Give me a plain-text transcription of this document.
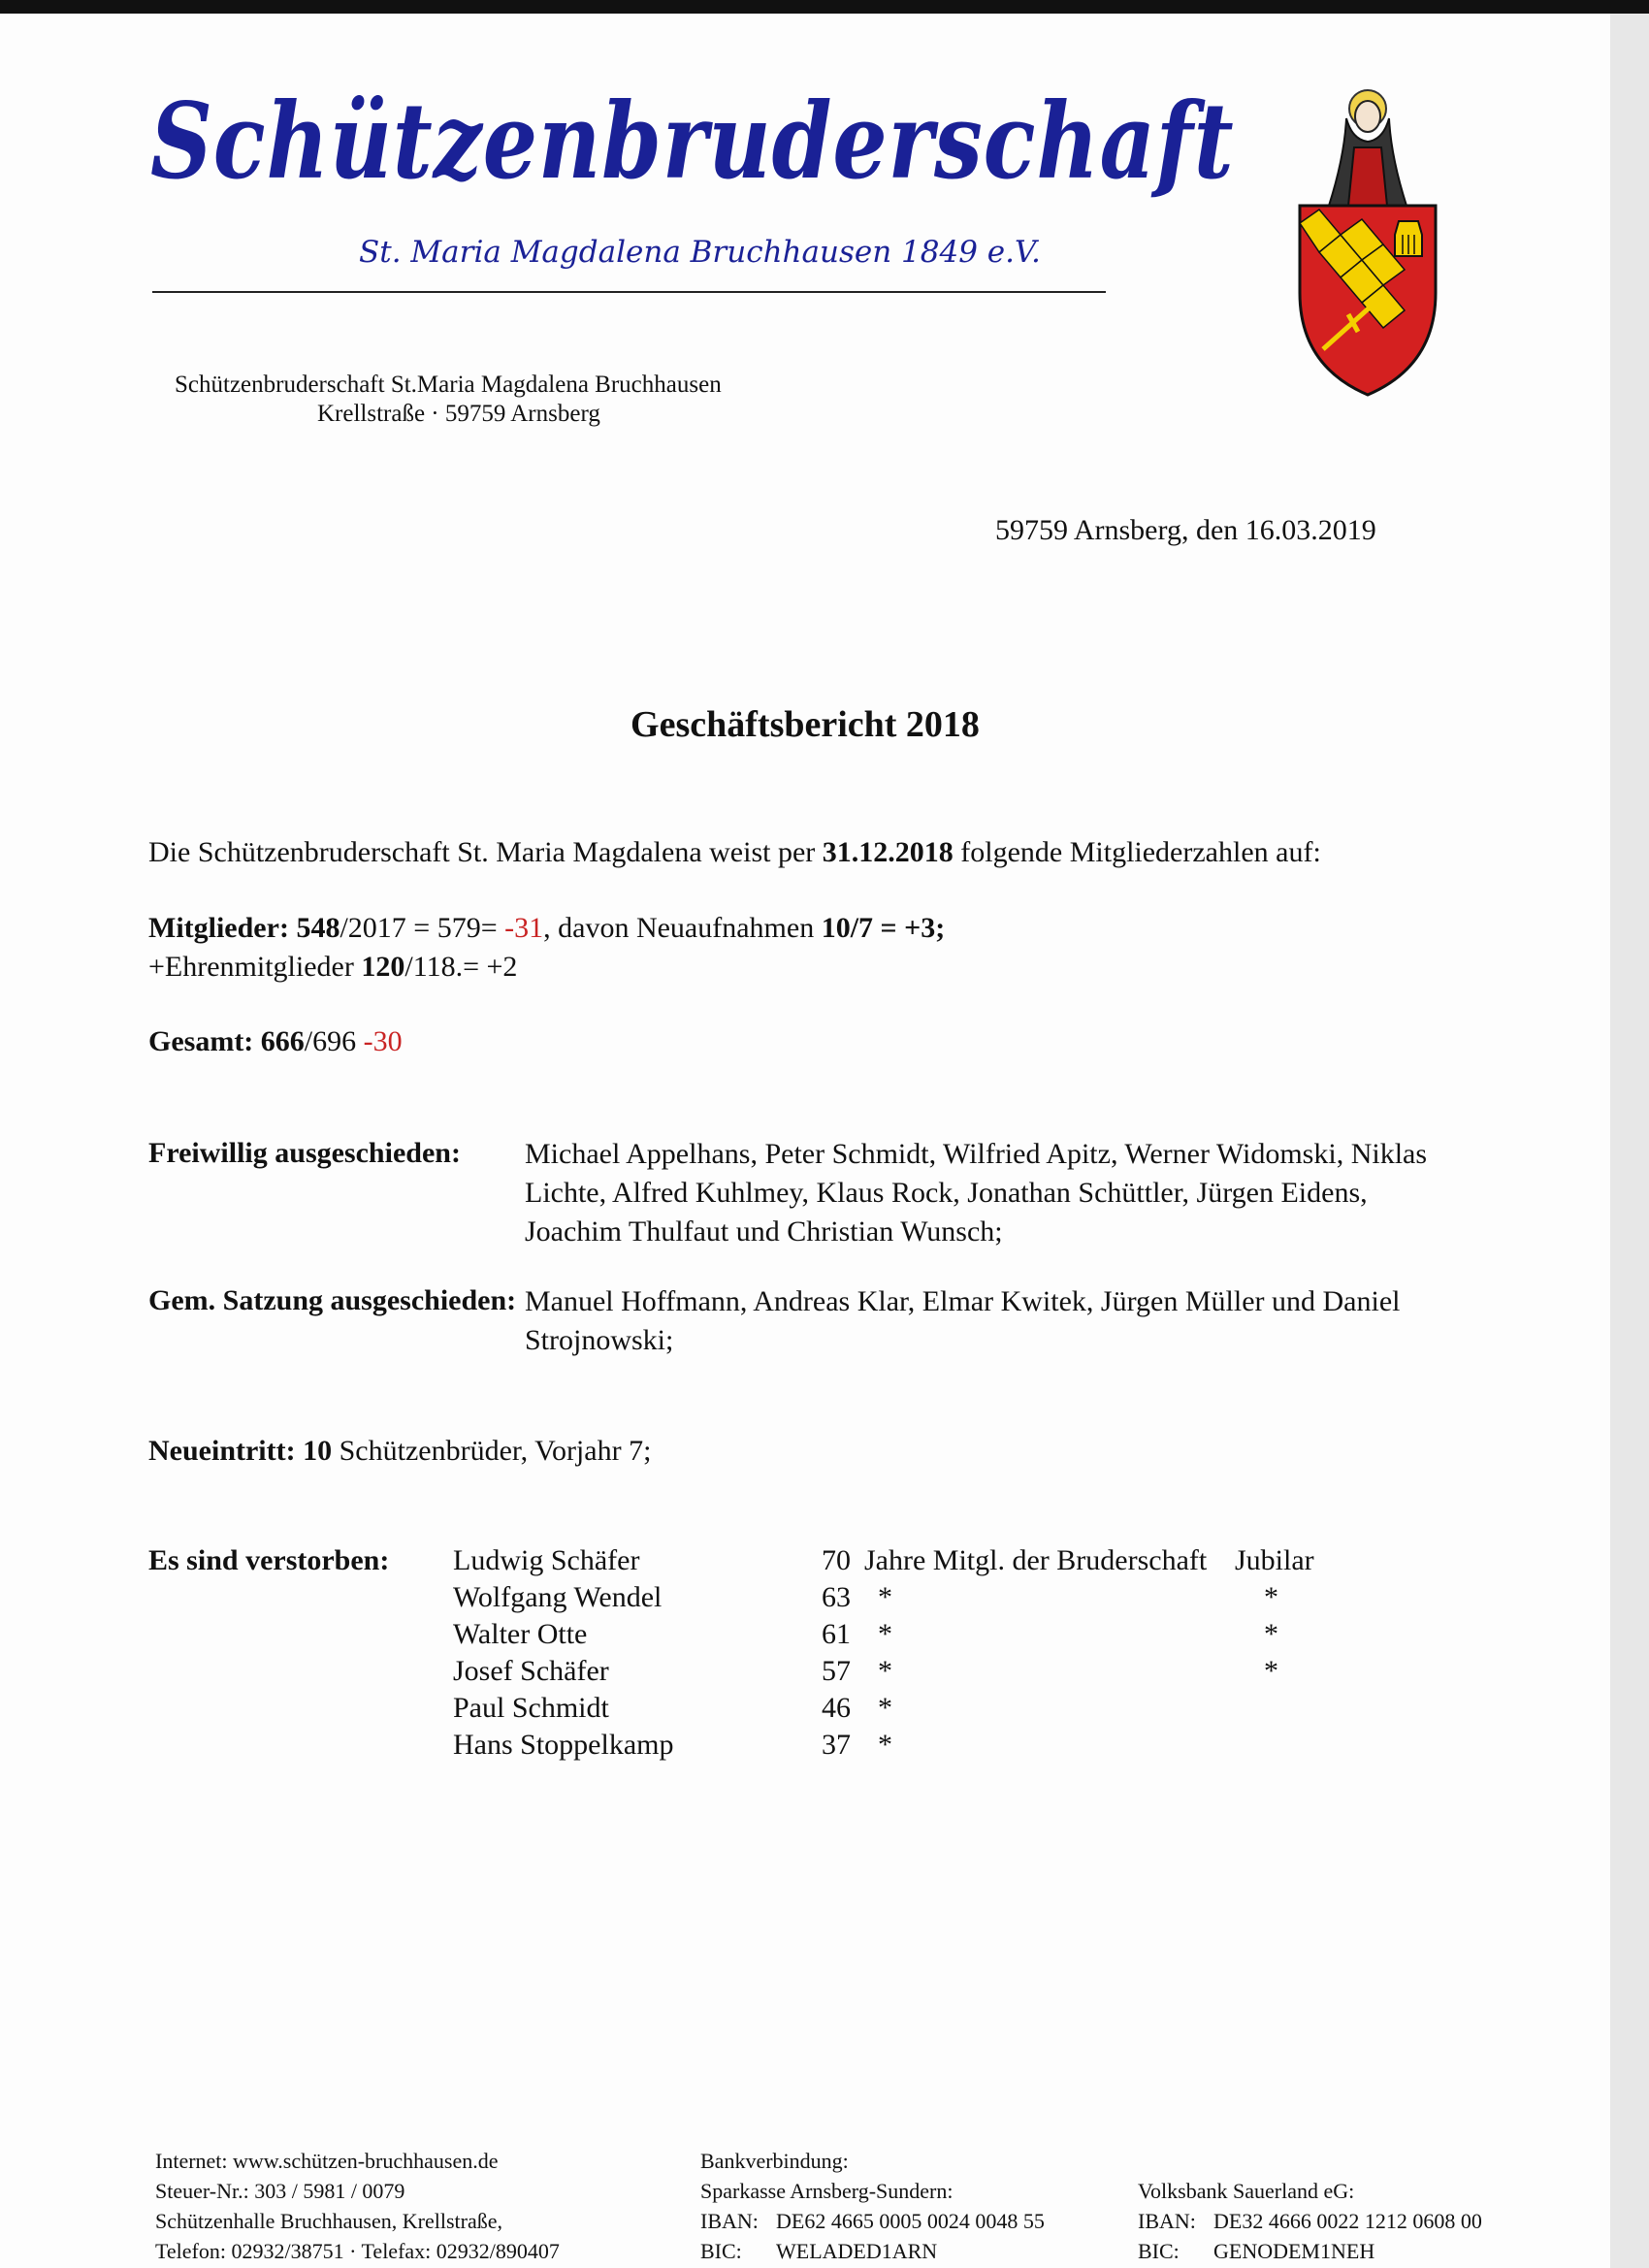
Schützenbruderschaft
St. Maria Magdalena Bruchhausen 1849 e.V.
Schützenbruderschaft St.Maria Magdalena Bruchhausen
Krellstraße · 59759 Arnsberg
59759 Arnsberg, den 16.03.2019
Geschäftsbericht 2018
Die Schützenbruderschaft St. Maria Magdalena weist per 31.12.2018 folgende Mitgliederzahlen auf:
Mitglieder: 548/2017 = 579= -31, davon Neuaufnahmen 10/7 = +3;
+Ehrenmitglieder 120/118.= +2
Gesamt: 666/696 -30
Freiwillig ausgeschieden: Michael Appelhans, Peter Schmidt, Wilfried Apitz, Werner Widomski, Niklas Lichte, Alfred Kuhlmey, Klaus Rock, Jonathan Schüttler, Jürgen Eidens, Joachim Thulfaut und Christian Wunsch;
Gem. Satzung ausgeschieden: Manuel Hoffmann, Andreas Klar, Elmar Kwitek, Jürgen Müller und Daniel Strojnowski;
Neueintritt: 10 Schützenbrüder, Vorjahr 7;
Es sind verstorben: Ludwig Schäfer	70 Jahre Mitgl. der Bruderschaft Jubilar
Wolfgang Wendel	63 *	*
Walter Otte	61 *	*
Josef Schäfer	57 *	*
Paul Schmidt	46 *
Hans Stoppelkamp	37 *
Internet: www.schützen-bruchhausen.de
Steuer-Nr.: 303 / 5981 / 0079
Schützenhalle Bruchhausen, Krellstraße,
Telefon: 02932/38751 · Telefax: 02932/890407
Bankverbindung:
Sparkasse Arnsberg-Sundern:
IBAN: DE62 4665 0005 0024 0048 55
BIC: WELADED1ARN
Volksbank Sauerland eG:
IBAN: DE32 4666 0022 1212 0608 00
BIC: GENODEM1NEH
